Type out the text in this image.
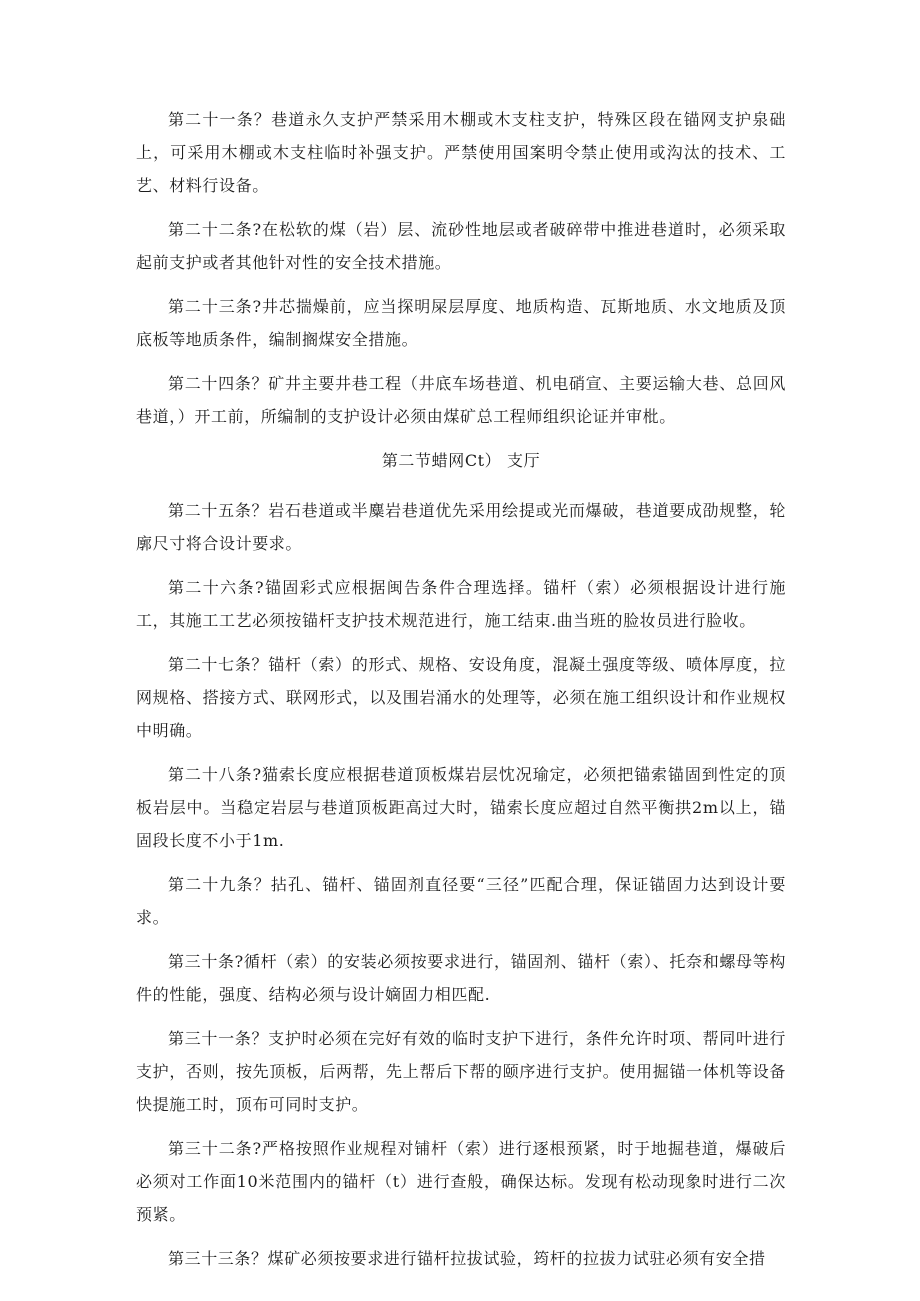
第二十一条？巷道永久支护严禁采用木棚或木支柱支护，特殊区段在锚网支护泉础上，可采用木棚或木支柱临时补强支护。严禁使用国案明令禁止使用或沟汰的技术、工艺、材料行设备。

第二十二条?在松软的煤（岩）层、流砂性地层或者破碎带中推进巷道时，必须采取起前支护或者其他针对性的安全技术措施。

第二十三条?井芯揣燥前，应当探明屎层厚度、地质构造、瓦斯地质、水文地质及顶底板等地质条件，编制搁煤安全措施。

第二十四条？矿井主要井巷工程（井底车场巷道、机电硝宣、主要运输大巷、总回风巷道，）开工前，所编制的支护设计必须由煤矿总工程师组织论证并审枇。

第二节蜡网Ct） 支厅

第二十五条？岩石巷道或半麋岩巷道优先采用绘提或光而爆破，巷道要成劭规整，轮廓尺寸将合设计要求。

第二十六条?锚固彩式应根据闽告条件合理选择。锚杆（索）必须根据设计进行施工，其施工工艺必须按锚杆支护技术规范进行，施工结束.曲当班的脸妆员进行脸收。

第二十七条？锚杆（索）的形式、规格、安设角度，混凝土强度等级、喷体厚度，拉网规格、搭接方式、联网形式，以及围岩涌水的处理等，必须在施工组织设计和作业规权中明确。

第二十八条?猫索长度应根据巷道顶板煤岩层忱况瑜定，必须把锚索锚固到性定的顶板岩层中。当稳定岩层与巷道顶板距高过大时，锚索长度应超过自然平衡拱2m以上，锚固段长度不小于1m.

第二十九条？拈孔、锚杆、锚固剂直径要“三径”匹配合理，保证锚固力达到设计要求。

第三十条?循杆（索）的安装必须按要求进行，锚固剂、锚杆（索）、托奈和螺母等构件的性能，强度、结构必须与设计嫡固力相匹配.

第三十一条？支护时必须在完好有效的临时支护下进行，条件允许时项、帮同叶进行支护，否则，按先顶板，后两帮，先上帮后下帮的颐序进行支护。使用掘锚一体机等设备快提施工时，顶布可同时支护。

第三十二条?严格按照作业规程对铺杆（索）进行逐根预紧，时于地掘巷道，爆破后必须对工作面10米范围内的锚杆（t）进行查般，确保达标。发现有松动现象时进行二次预紧。

第三十三条？煤矿必须按要求进行锚杆拉拔试验，筠杆的拉拔力试驻必须有安全措
